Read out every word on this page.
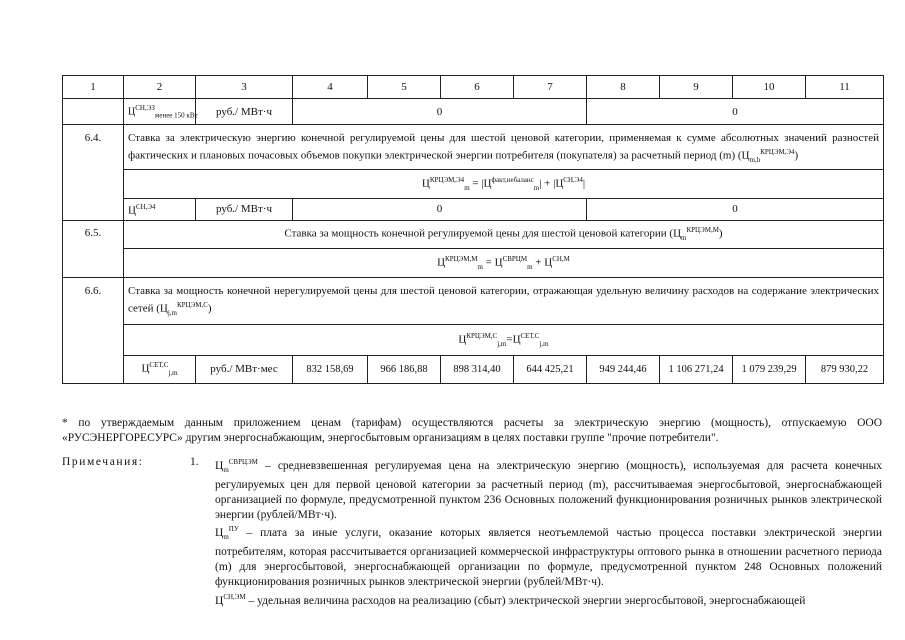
1	2	3	4	5	6	7	8	9	10	11
	$Ц^{СН,ЭЗ}_{менее 150 кВт}$	руб./ МВт·ч	0				0			
6.4.	Ставка за электрическую энергию конечной регулируемой цены для шестой ценовой категории, применяемая к сумме абсолютных значений разностей фактических и плановых почасовых объемов покупки электрической энергии потребителя (покупателя) за расчетный период (m) $(Ц_{m,h}^{КРЦЭМ,Э4})$									
	$Ц^{КРЦЭМ,Э4}_m = |Ц^{факт,небаланс}_m| + |Ц^{СН,Э4}|$									
	$Ц^{СН,Э4}$	руб./ МВт·ч	0				0			
6.5.	Ставка за мощность конечной регулируемой цены для шестой ценовой категории $(Ц_m^{КРЦЭМ,М})$									
	$Ц^{КРЦЭМ,М}_m = Ц^{СВРЦМ}_m + Ц^{СН,М}$
6.6.	Ставка за мощность конечной нерегулируемой цены для шестой ценовой категории, отражающая удельную величину расходов на содержание электрических сетей $(Ц_{j,m}^{КРЦЭМ,С})$									
	$Ц^{КРЦЭМ,С}_{j,m}=Ц^{СЕТ,С}_{j,m}$
	$Ц^{СЕТ,С}_{j,m}$	руб./ МВт·мес	832 158,69	966 186,88	898 314,40	644 425,21	949 244,46	1 106 271,24	1 079 239,29	879 930,22
* по утверждаемым данным приложением ценам (тарифам) осуществляются расчеты за электрическую энергию (мощность), отпускаемую ООО «РУСЭНЕРГОРЕСУРС» другим энергоснабжающим, энергосбытовым организациям в целях поставки группе "прочие потребители".
Примечания:	1. $Ц_m^{СВРЦЭМ}$ – средневзвешенная регулируемая цена на электрическую энергию (мощность), используемая для расчета конечных регулируемых цен для первой ценовой категории за расчетный период (m), рассчитываемая энергосбытовой, энергоснабжающей организацией по формуле, предусмотренной пунктом 236 Основных положений функционирования розничных рынков электрической энергии (рублей/МВт·ч).

$Ц_m^{ПУ}$ – плата за иные услуги, оказание которых является неотъемлемой частью процесса поставки электрической энергии потребителям, которая рассчитывается организацией коммерческой инфраструктуры оптового рынка в отношении расчетного периода (m) для энергосбытовой, энергоснабжающей организации по формуле, предусмотренной пунктом 248 Основных положений функционирования розничных рынков электрической энергии (рублей/МВт·ч).

$Ц^{СН,ЭМ}$ – удельная величина расходов на реализацию (сбыт) электрической энергии энергосбытовой, энергоснабжающей
